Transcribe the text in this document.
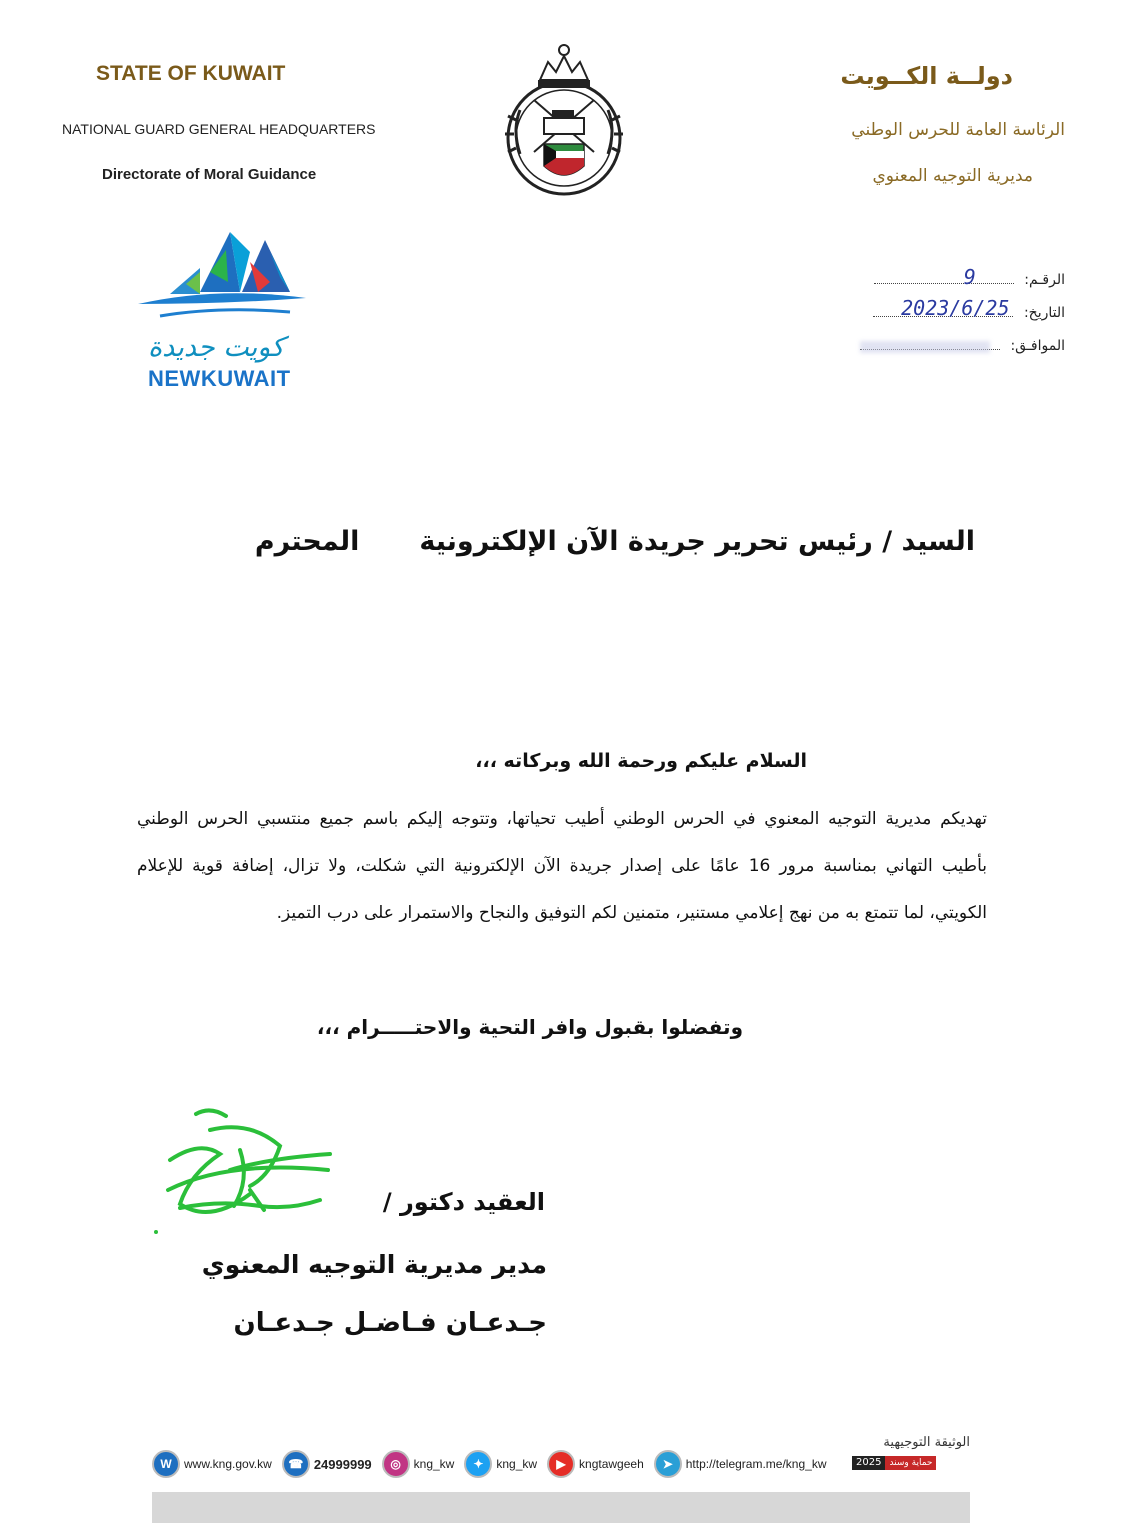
STATE OF KUWAIT
NATIONAL GUARD GENERAL HEADQUARTERS
Directorate of Moral Guidance
دولــة الكــويت
الرئاسة العامة للحرس الوطني
مديرية التوجيه المعنوي
كويت جديدة
NEWKUWAIT
الرقـم:
9
التاريخ:
2023/6/25
الموافـق:
السيد / رئيس تحرير جريدة الآن الإلكترونيةالمحترم
السلام عليكم ورحمة الله وبركاته ،،،
تهديكم مديرية التوجيه المعنوي في الحرس الوطني أطيب تحياتها، وتتوجه إليكم باسم جميع منتسبي الحرس الوطني بأطيب التهاني بمناسبة مرور 16 عامًا على إصدار جريدة الآن الإلكترونية التي شكلت، ولا تزال، إضافة قوية للإعلام الكويتي، لما تتمتع به من نهج إعلامي مستنير، متمنين لكم التوفيق والنجاح والاستمرار على درب التميز.
وتفضلوا بقبول وافر التحية والاحتـــــرام ،،،
العقيد دكتور /
مدير مديرية التوجيه المعنوي
جـدعـان فـاضـل جـدعـان
W	www.kng.gov.kw	☎ 24999999	◎	kng_kw	✦	kng_kw	▶	kngtawgeeh	➤	http://telegram.me/kng_kw
الوثيقة التوجيهية
2025 حماية وسند
